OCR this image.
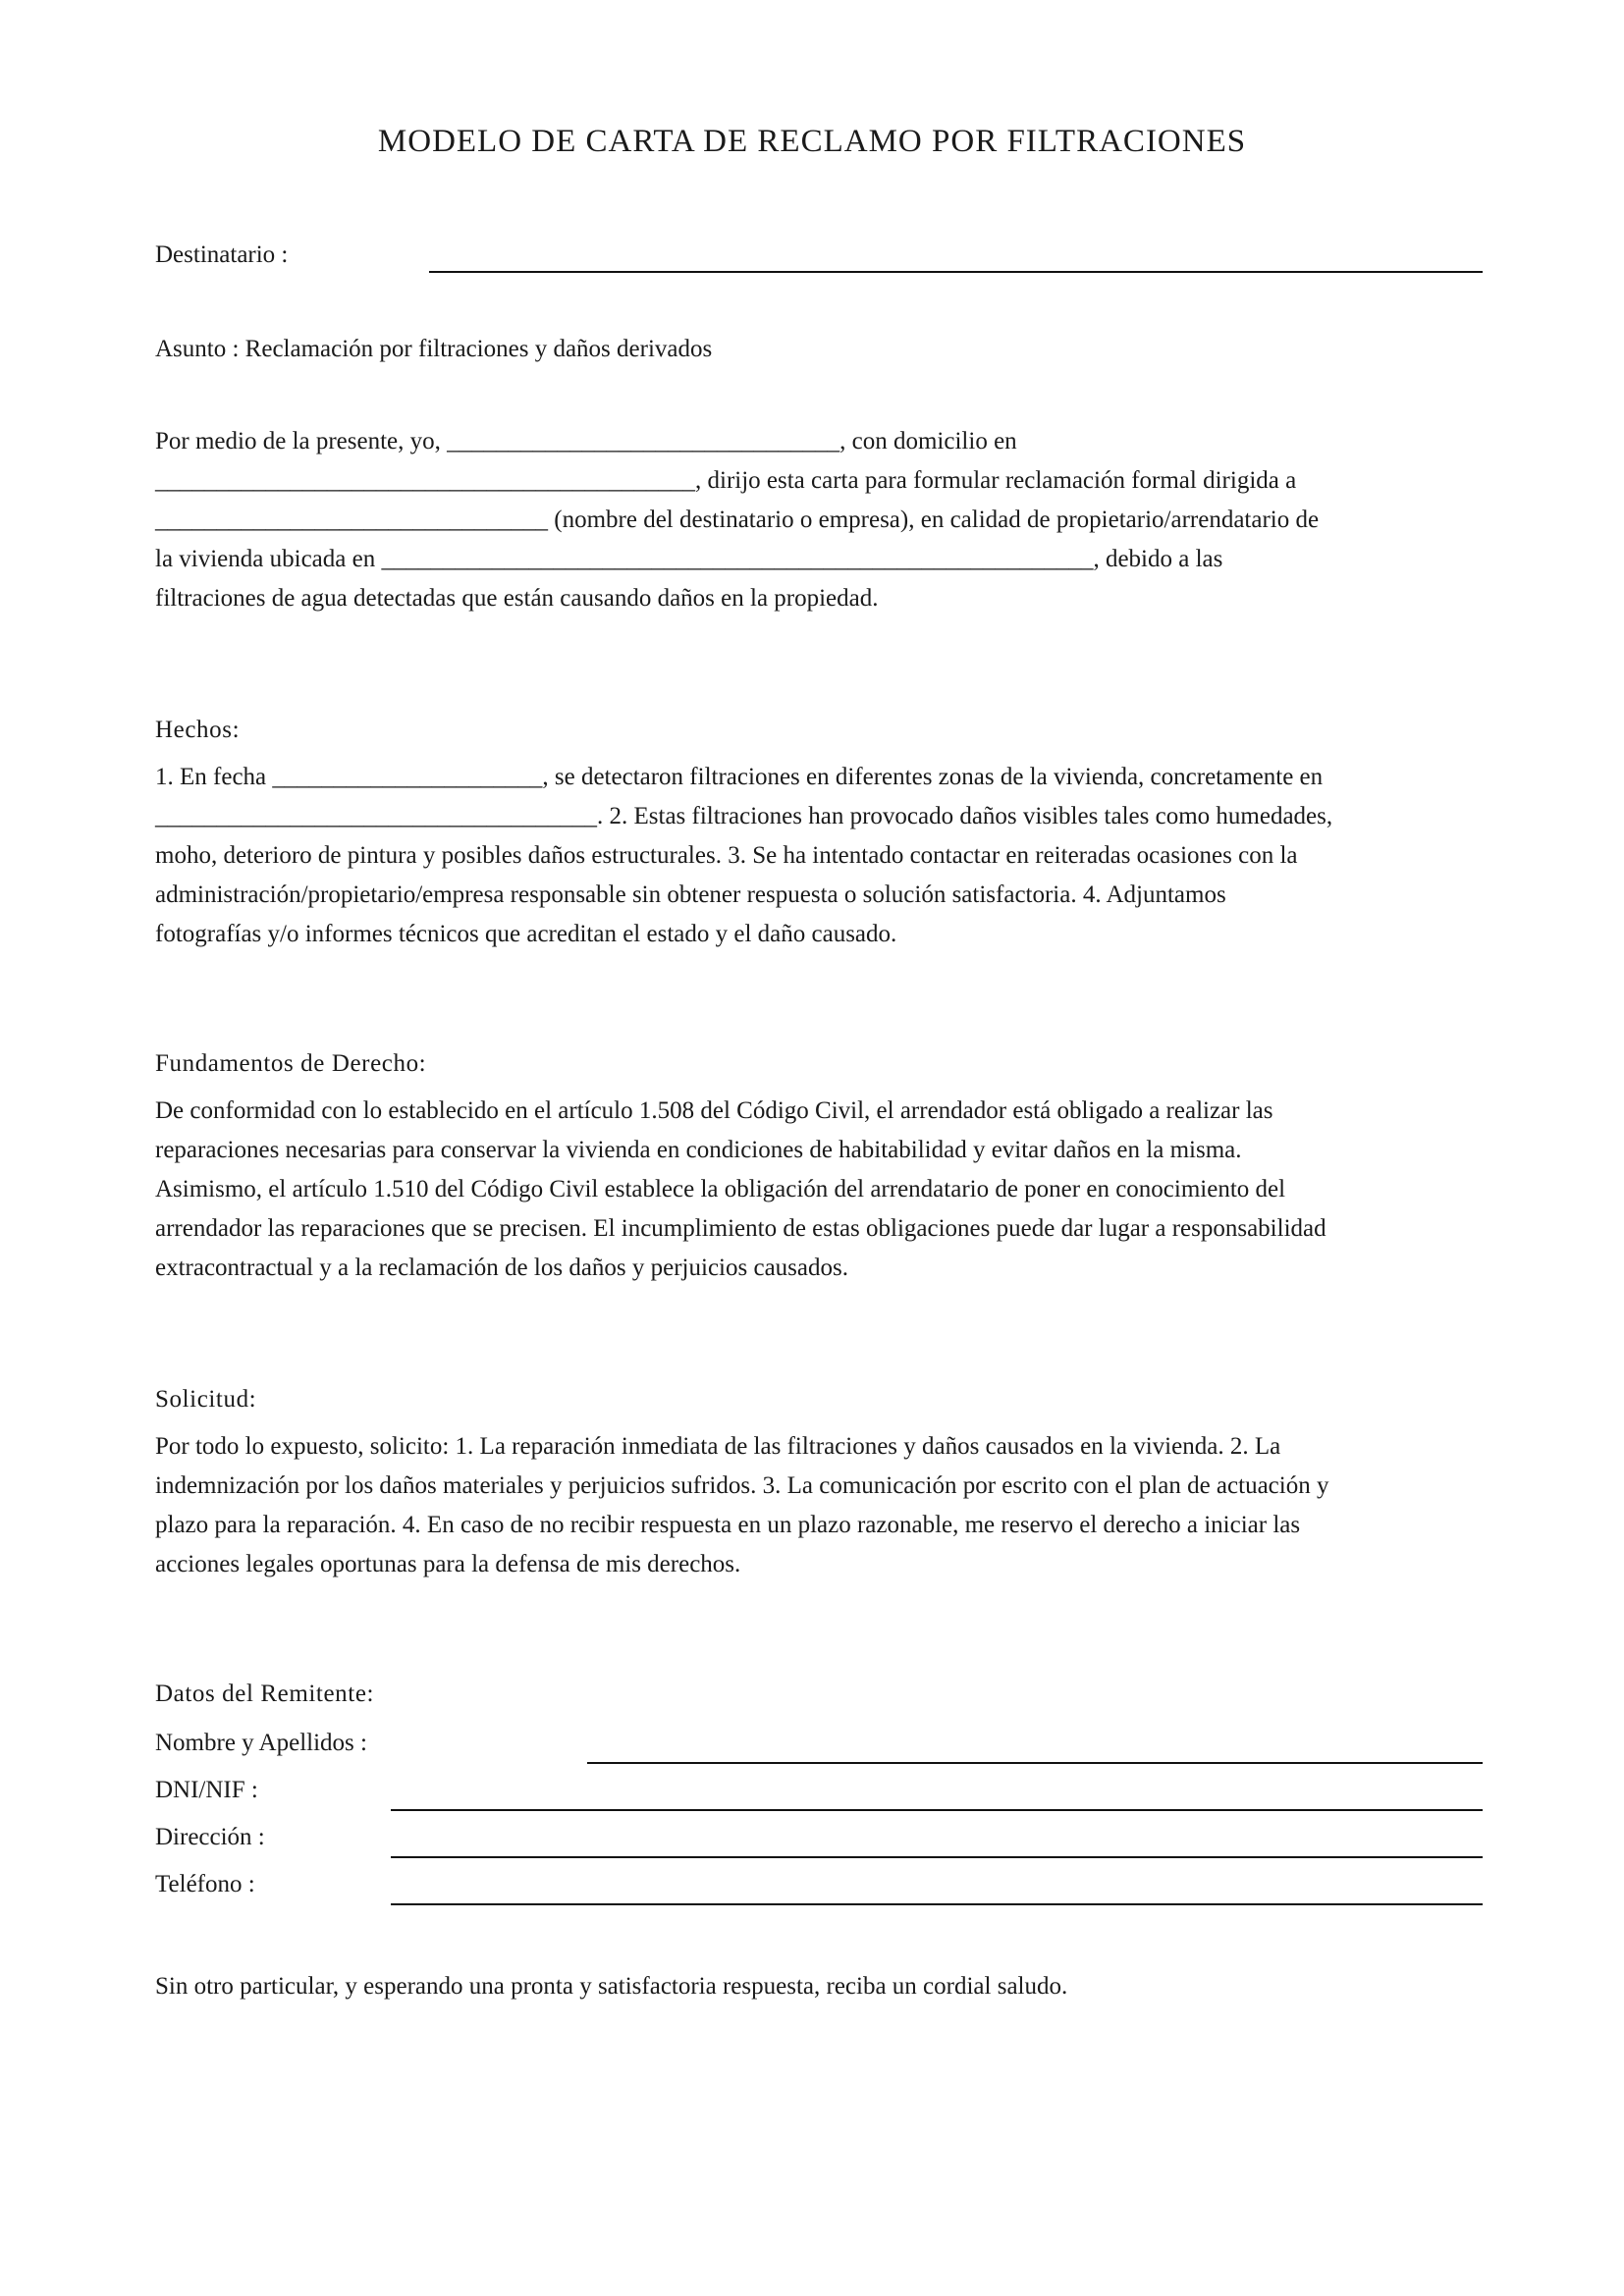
MODELO DE CARTA DE RECLAMO POR FILTRACIONES
Destinatario :
Asunto : Reclamación por filtraciones y daños derivados
Por medio de la presente, yo, ________________________________, con domicilio en
____________________________________________, dirijo esta carta para formular reclamación formal dirigida a
________________________________ (nombre del destinatario o empresa), en calidad de propietario/arrendatario de
la vivienda ubicada en __________________________________________________________, debido a las
filtraciones de agua detectadas que están causando daños en la propiedad.
Hechos:
1. En fecha ______________________, se detectaron filtraciones en diferentes zonas de la vivienda, concretamente en
____________________________________. 2. Estas filtraciones han provocado daños visibles tales como humedades,
moho, deterioro de pintura y posibles daños estructurales. 3. Se ha intentado contactar en reiteradas ocasiones con la
administración/propietario/empresa responsable sin obtener respuesta o solución satisfactoria. 4. Adjuntamos
fotografías y/o informes técnicos que acreditan el estado y el daño causado.
Fundamentos de Derecho:
De conformidad con lo establecido en el artículo 1.508 del Código Civil, el arrendador está obligado a realizar las
reparaciones necesarias para conservar la vivienda en condiciones de habitabilidad y evitar daños en la misma.
Asimismo, el artículo 1.510 del Código Civil establece la obligación del arrendatario de poner en conocimiento del
arrendador las reparaciones que se precisen. El incumplimiento de estas obligaciones puede dar lugar a responsabilidad
extracontractual y a la reclamación de los daños y perjuicios causados.
Solicitud:
Por todo lo expuesto, solicito: 1. La reparación inmediata de las filtraciones y daños causados en la vivienda. 2. La
indemnización por los daños materiales y perjuicios sufridos. 3. La comunicación por escrito con el plan de actuación y
plazo para la reparación. 4. En caso de no recibir respuesta en un plazo razonable, me reservo el derecho a iniciar las
acciones legales oportunas para la defensa de mis derechos.
Datos del Remitente:
Nombre y Apellidos :
DNI/NIF :
Dirección :
Teléfono :
Sin otro particular, y esperando una pronta y satisfactoria respuesta, reciba un cordial saludo.
